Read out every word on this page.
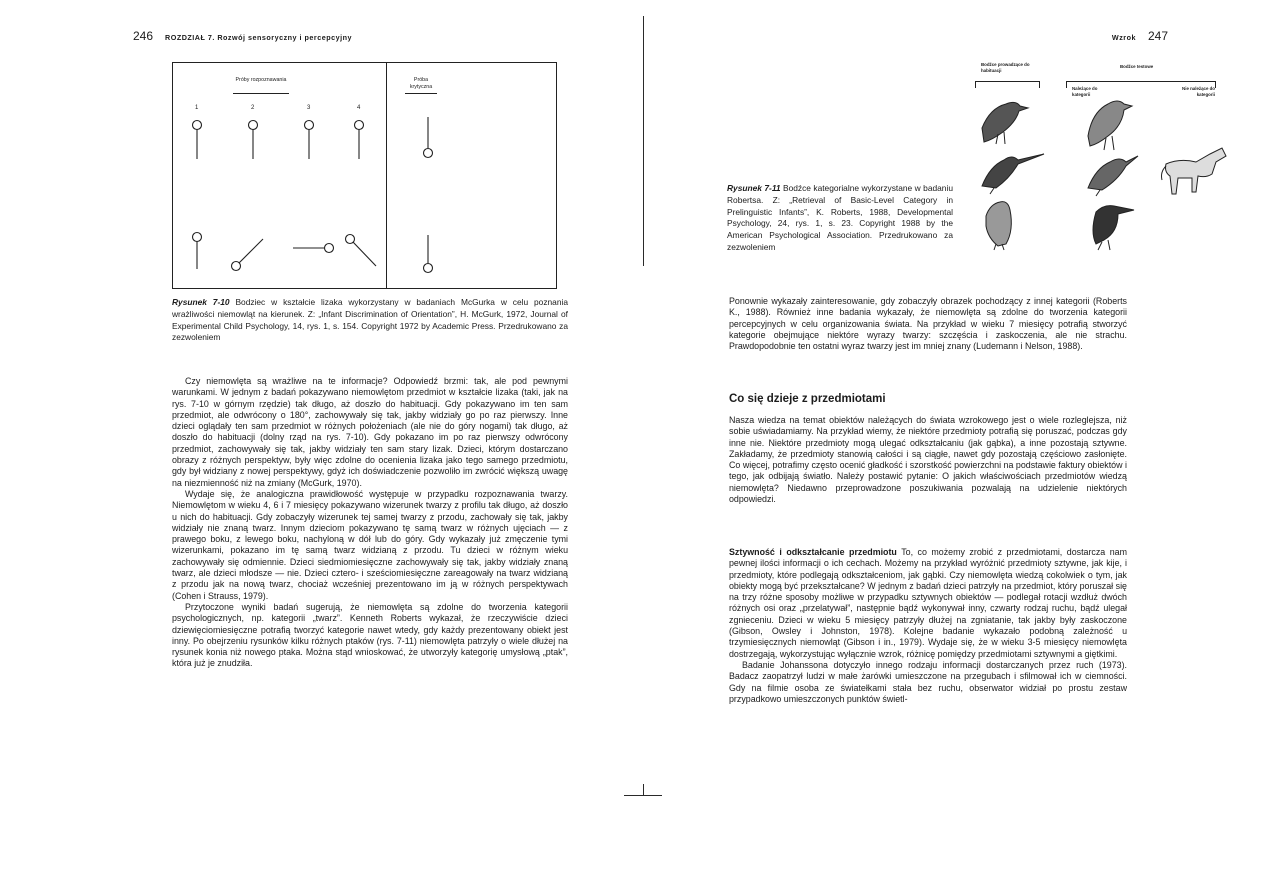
246 ROZDZIAŁ 7. Rozwój sensoryczny i percepcyjny
Próby rozpoznawania	Próba krytyczna
1	2	3	4
Rysunek 7-10 Bodziec w kształcie lizaka wykorzystany w badaniach McGurka w celu poznania wrażliwości niemowląt na kierunek. Z: „Infant Discrimination of Orientation”, H. McGurk, 1972, Journal of Experimental Child Psychology, 14, rys. 1, s. 154. Copyright 1972 by Academic Press. Przedrukowano za zezwoleniem

Czy niemowlęta są wrażliwe na te informacje? Odpowiedź brzmi: tak, ale pod pewnymi warunkami. W jednym z badań pokazywano niemowlętom przedmiot w kształcie lizaka (taki, jak na rys. 7-10 w górnym rzędzie) tak długo, aż doszło do habituacji. Gdy pokazywano im ten sam przedmiot, ale odwrócony o 180°, zachowywały się tak, jakby widziały go po raz pierwszy. Inne dzieci oglądały ten sam przedmiot w różnych położeniach (ale nie do góry nogami) tak długo, aż doszło do habituacji (dolny rząd na rys. 7-10). Gdy pokazano im po raz pierwszy odwrócony przedmiot, zachowywały się tak, jakby widziały ten sam stary lizak. Dzieci, którym dostarczano obrazy z różnych perspektyw, były więc zdolne do ocenienia lizaka jako tego samego przedmiotu, gdy był widziany z nowej perspektywy, gdyż ich doświadczenie pozwoliło im zwrócić większą uwagę na niezmienność niż na zmiany (McGurk, 1970).

Wydaje się, że analogiczna prawidłowość występuje w przypadku rozpoznawania twarzy. Niemowlętom w wieku 4, 6 i 7 miesięcy pokazywano wizerunek twarzy z profilu tak długo, aż doszło u nich do habituacji. Gdy zobaczyły wizerunek tej samej twarzy z przodu, zachowały się tak, jakby widziały nie znaną twarz. Innym dzieciom pokazywano tę samą twarz w różnych ujęciach — z prawego boku, z lewego boku, nachyloną w dół lub do góry. Gdy wykazały już zmęczenie tymi wizerunkami, pokazano im tę samą twarz widzianą z przodu. Tu dzieci w różnym wieku zachowywały się odmiennie. Dzieci siedmiomiesięczne zachowywały się tak, jakby widziały znaną twarz, ale dzieci młodsze — nie. Dzieci cztero- i sześciomiesięczne zareagowały na twarz widzianą z przodu jak na nową twarz, chociaż wcześniej prezentowano im ją w różnych perspektywach (Cohen i Strauss, 1979).

Przytoczone wyniki badań sugerują, że niemowlęta są zdolne do tworzenia kategorii psychologicznych, np. kategorii „twarz”. Kenneth Roberts wykazał, że rzeczywiście dzieci dziewięciomiesięczne potrafią tworzyć kategorie nawet wtedy, gdy każdy prezentowany obiekt jest inny. Po obejrzeniu rysunków kilku różnych ptaków (rys. 7-11) niemowlęta patrzyły o wiele dłużej na rysunek konia niż nowego ptaka. Można stąd wnioskować, że utworzyły kategorię umysłową „ptak”, która już je znudziła.

Wzrok 247
Bodźce prowadzące do habituacji
Bodźce testowe
Należące do kategorii
Nie należące do kategorii
Rysunek 7-11 Bodźce kategorialne wykorzystane w badaniu Robertsa. Z: „Retrieval of Basic-Level Category in Prelinguistic Infants”, K. Roberts, 1988, Developmental Psychology, 24, rys. 1, s. 23. Copyright 1988 by the American Psychological Association. Przedrukowano za zezwoleniem

Ponownie wykazały zainteresowanie, gdy zobaczyły obrazek pochodzący z innej kategorii (Roberts K., 1988). Również inne badania wykazały, że niemowlęta są zdolne do tworzenia kategorii percepcyjnych w celu organizowania świata. Na przykład w wieku 7 miesięcy potrafią stworzyć kategorie obejmujące niektóre wyrazy twarzy: szczęścia i zaskoczenia, ale nie strachu. Prawdopodobnie ten ostatni wyraz twarzy jest im mniej znany (Ludemann i Nelson, 1988).

Co się dzieje z przedmiotami

Nasza wiedza na temat obiektów należących do świata wzrokowego jest o wiele rozleglejsza, niż sobie uświadamiamy. Na przykład wiemy, że niektóre przedmioty potrafią się poruszać, podczas gdy inne nie. Niektóre przedmioty mogą ulegać odkształcaniu (jak gąbka), a inne pozostają sztywne. Zakładamy, że przedmioty stanowią całości i są ciągłe, nawet gdy pozostają częściowo zasłonięte. Co więcej, potrafimy często ocenić gładkość i szorstkość powierzchni na podstawie faktury obiektów i tego, jak odbijają światło. Należy postawić pytanie: O jakich właściwościach przedmiotów wiedzą niemowlęta? Niedawno przeprowadzone poszukiwania pozwalają na udzielenie niektórych odpowiedzi.

Sztywność i odkształcanie przedmiotu To, co możemy zrobić z przedmiotami, dostarcza nam pewnej ilości informacji o ich cechach. Możemy na przykład wyróżnić przedmioty sztywne, jak kije, i przedmioty, które podlegają odkształceniom, jak gąbki. Czy niemowlęta wiedzą cokolwiek o tym, jak obiekty mogą być przekształcane? W jednym z badań dzieci patrzyły na przedmiot, który poruszał się na trzy różne sposoby możliwe w przypadku sztywnych obiektów — podlegał rotacji wzdłuż dwóch różnych osi oraz „przelatywał”, następnie bądź wykonywał inny, czwarty rodzaj ruchu, bądź ulegał zgnieceniu. Dzieci w wieku 5 miesięcy patrzyły dłużej na zgniatanie, tak jakby były zaskoczone (Gibson, Owsley i Johnston, 1978). Kolejne badanie wykazało podobną zależność u trzymiesięcznych niemowląt (Gibson i in., 1979). Wydaje się, że w wieku 3-5 miesięcy niemowlęta dostrzegają, wykorzystując wyłącznie wzrok, różnicę pomiędzy przedmiotami sztywnymi a giętkimi.

Badanie Johanssona dotyczyło innego rodzaju informacji dostarczanych przez ruch (1973). Badacz zaopatrzył ludzi w małe żarówki umieszczone na przegubach i sfilmował ich w ciemności. Gdy na filmie osoba ze światełkami stała bez ruchu, obserwator widział po prostu zestaw przypadkowo umieszczonych punktów świetl-
